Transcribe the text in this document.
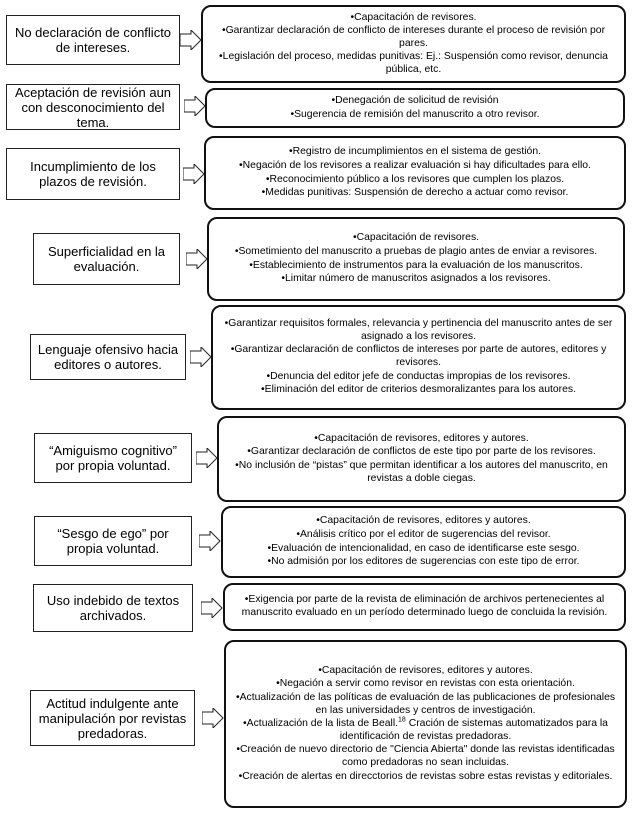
No declaración de conflicto de intereses.
•Capacitación de revisores.
•Garantizar declaración de conflicto de intereses durante el proceso de revisión por pares.
•Legislación del proceso, medidas punitivas: Ej.: Suspensión como revisor, denuncia pública, etc.
Aceptación de revisión aun con desconocimiento del tema.
•Denegación de solicitud de revisión
•Sugerencia de remisión del manuscrito a otro revisor.
Incumplimiento de los plazos de revisión.
•Registro de incumplimientos en el sistema de gestión.
•Negación de los revisores a realizar evaluación si hay dificultades para ello.
•Reconocimiento público a los revisores que cumplen los plazos.
•Medidas punitivas: Suspensión de derecho a actuar como revisor.
Superficialidad en la evaluación.
•Capacitación de revisores.
•Sometimiento del manuscrito a pruebas de plagio antes de enviar a revisores.
•Establecimiento de instrumentos para la evaluación de los manuscritos.
•Limitar número de manuscritos asignados a los revisores.
Lenguaje ofensivo hacia editores o autores.
•Garantizar requisitos formales, relevancia y pertinencia del manuscrito antes de ser asignado a los revisores.
•Garantizar declaración de conflictos de intereses por parte de autores, editores y revisores.
•Denuncia del editor jefe de conductas impropias de los revisores.
•Eliminación del editor de criterios desmoralizantes para los autores.
“Amiguismo cognitivo” por propia voluntad.
•Capacitación de revisores, editores y autores.
•Garantizar declaración de conflictos de este tipo por parte de los revisores.
•No inclusión de “pistas” que permitan identificar a los autores del manuscrito, en revistas a doble ciegas.
“Sesgo de ego” por propia voluntad.
•Capacitación de revisores, editores y autores.
•Análisis crítico por el editor de sugerencias del revisor.
•Evaluación de intencionalidad, en caso de identificarse este sesgo.
•No admisión por los editores de sugerencias con este tipo de error.
Uso indebido de textos archivados.
•Exigencia por parte de la revista de eliminación de archivos pertenecientes al manuscrito evaluado en un período determinado luego de concluida la revisión.
Actitud indulgente ante manipulación por revistas predadoras.
•Capacitación de revisores, editores y autores.
•Negación a servir como revisor en revistas con esta orientación.
•Actualización de las políticas de evaluación de las publicaciones de profesionales en las universidades y centros de investigación.
•Actualización de la lista de Beall.$^{18}$ Cración de sistemas automatizados para la identificación de revistas predadoras.
•Creación de nuevo directorio de "Ciencia Abierta" donde las revistas identificadas como predadoras no sean incluidas.
•Creación de alertas en direcctorios de revistas sobre estas revistas y editoriales.
